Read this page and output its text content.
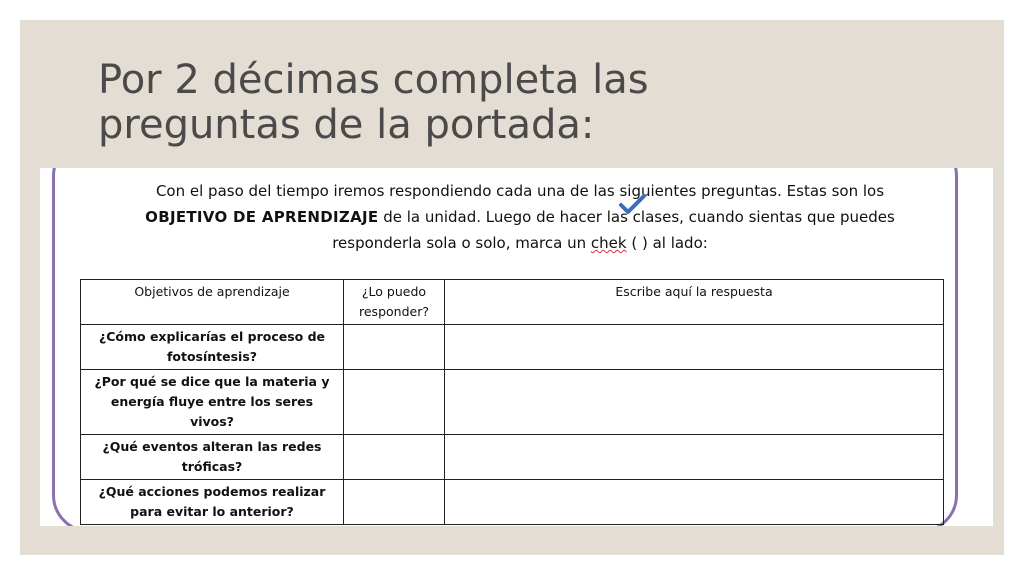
Por 2 décimas completa las
preguntas de la portada:
Con el paso del tiempo iremos respondiendo cada una de las siguientes preguntas. Estas son los
OBJETIVO DE APRENDIZAJE de la unidad. Luego de hacer las clases, cuando sientas que puedes
responderla sola o solo, marca un chek ( ) al lado:
Objetivos de aprendizaje	¿Lo puedo responder?	Escribe aquí la respuesta
¿Cómo explicarías el proceso de fotosíntesis?		
¿Por qué se dice que la materia y energía fluye entre los seres vivos?		
¿Qué eventos alteran las redes tróficas?		
¿Qué acciones podemos realizar para evitar lo anterior?		
